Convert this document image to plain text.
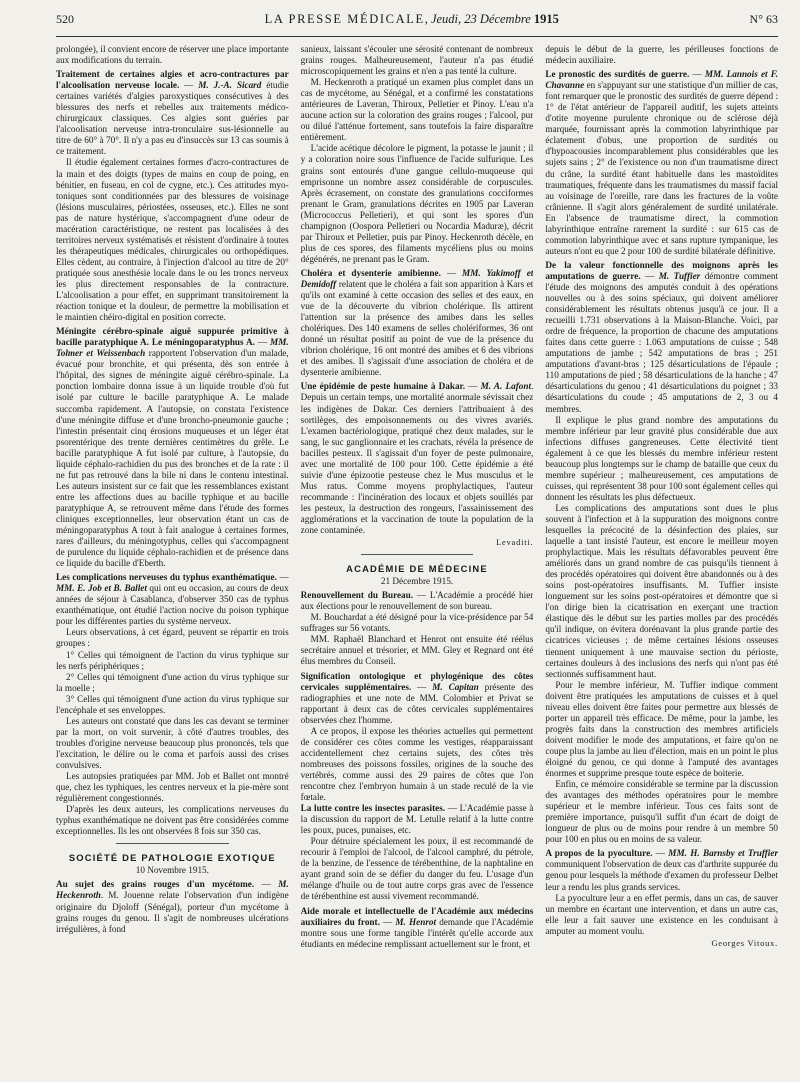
520	LA PRESSE MÉDICALE, Jeudi, 23 Décembre 1915	N° 63

prolongée), il convient encore de réserver une place importante aux modifications du terrain.

Traitement de certaines algies et acro-contractures par l'alcoolisation nerveuse locale. — M. J.-A. Sicard étudie certaines variétés d'algies paroxystiques consécutives à des blessures des nerfs et rebelles aux traitements médico-chirurgicaux classiques. Ces algies sont guéries par l'alcoolisation nerveuse intra-tronculaire sus-lésionnelle au titre de 60° à 70°. Il n'y a pas eu d'insuccès sur 13 cas soumis à ce traitement.

Il étudie également certaines formes d'acro-contractures de la main et des doigts (types de mains en coup de poing, en bénitier, en fuseau, en col de cygne, etc.). Ces attitudes myo-toniques sont conditionnées par des blessures de voisinage (lésions musculaires, périostées, osseuses, etc.). Elles ne sont pas de nature hystérique, s'accompagnent d'une odeur de macération caractéristique, ne restent pas localisées à des territoires nerveux systématisés et résistent d'ordinaire à toutes les thérapeutiques médicales, chirurgicales ou orthopédiques. Elles cèdent, au contraire, à l'injection d'alcool au titre de 20° pratiquée sous anesthésie locale dans le ou les troncs nerveux les plus directement responsables de la contracture. L'alcoolisation a pour effet, en supprimant transitoirement la réaction tonique et la douleur, de permettre la mobilisation et le maintien chéiro-digital en position correcte.

Méningite cérébro-spinale aiguë suppurée primitive à bacille paratyphique A. Le méningoparatyphus A. — MM. Tolmer et Weissenbach rapportent l'observation d'un malade, évacué pour bronchite, et qui présenta, dès son entrée à l'hôpital, des signes de méningite aiguë cérébro-spinale. La ponction lombaire donna issue à un liquide trouble d'où fut isolé par culture le bacille paratyphique A. Le malade succomba rapidement. A l'autopsie, on constata l'existence d'une méningite diffuse et d'une broncho-pneumonie gauche ; l'intestin présentait cinq érosions muqueuses et un léger état psorentérique des trente dernières centimètres du grêle. Le bacille paratyphique A fut isolé par culture, à l'autopsie, du liquide céphalo-rachidien du pus des bronches et de la rate : il ne fut pas retrouvé dans la bile ni dans le contenu intestinal. Les auteurs insistent sur ce fait que les ressemblances existant entre les affections dues au bacille typhique et au bacille paratyphique A, se retrouvent même dans l'étude des formes cliniques exceptionnelles, leur observation étant un cas de méningoparatyphus A tout à fait analogue à certaines formes, rares d'ailleurs, du méningotyphus, celles qui s'accompagnent de purulence du liquide céphalo-rachidien et de présence dans ce liquide du bacille d'Eberth.

Les complications nerveuses du typhus exanthématique. — MM. E. Job et B. Ballet qui ont eu occasion, au cours de deux années de séjour à Casablanca, d'observer 350 cas de typhus exanthématique, ont étudié l'action nocive du poison typhique pour les différentes parties du système nerveux.

Leurs observations, à cet égard, peuvent se répartir en trois groupes :

1° Celles qui témoignent de l'action du virus typhique sur les nerfs périphériques ;

2° Celles qui témoignent d'une action du virus typhique sur la moelle ;

3° Celles qui témoignent d'une action du virus typhique sur l'encéphale et ses enveloppes.

Les auteurs ont constaté que dans les cas devant se terminer par la mort, on voit survenir, à côté d'autres troubles, des troubles d'origine nerveuse beaucoup plus prononcés, tels que l'excitation, le délire ou le coma et parfois aussi des crises convulsives.

Les autopsies pratiquées par MM. Job et Ballet ont montré que, chez les typhiques, les centres nerveux et la pie-mère sont régulièrement congestionnés.

D'après les deux auteurs, les complications nerveuses du typhus exanthématique ne doivent pas être considérées comme exceptionnelles. Ils les ont observées 8 fois sur 350 cas.

SOCIÉTÉ DE PATHOLOGIE EXOTIQUE
10 Novembre 1915.

Au sujet des grains rouges d'un mycétome. — M. Heckenroth. M. Jouenne relate l'observation d'un indigène originaire du Djoloff (Sénégal), porteur d'un mycétome à grains rouges du genou. Il s'agit de nombreuses ulcérations irrégulières, à fond

sanieux, laissant s'écouler une sérosité contenant de nombreux grains rouges. Malheureusement, l'auteur n'a pas étudié microscopiquement les grains et n'en a pas tenté la culture.

M. Heckenroth a pratiqué un examen plus complet dans un cas de mycétome, au Sénégal, et a confirmé les constatations antérieures de Laveran, Thiroux, Pelletier et Pinoy. L'eau n'a aucune action sur la coloration des grains rouges ; l'alcool, pur ou dilué l'atténue fortement, sans toutefois la faire disparaître entièrement.

L'acide acétique décolore le pigment, la potasse le jaunit ; il y a coloration noire sous l'influence de l'acide sulfurique. Les grains sont entourés d'une gangue cellulo-muqueuse qui emprisonne un nombre assez considérable de corpuscules. Après écrasement, on constate des granulations cocciformes prenant le Gram, granulations décrites en 1905 par Laveran (Micrococcus Pelletieri), et qui sont les spores d'un champignon (Oospora Pelletieri ou Nocardia Maduræ), décrit par Thiroux et Pelletier, puis par Pinoy. Heckenroth décèle, en plus de ces spores, des filaments mycéliens plus ou moins dégénérés, ne prenant pas le Gram.

Choléra et dysenterie amibienne. — MM. Yakimoff et Demidoff relatent que le choléra a fait son apparition à Kars et qu'ils ont examiné à cette occasion des selles et des eaux, en vue de la découverte du vibrion cholérique. Ils attirent l'attention sur la présence des amibes dans les selles cholériques. Des 140 examens de selles cholériformes, 36 ont donné un résultat positif au point de vue de la présence du vibrion cholérique, 16 ont montré des amibes et 6 des vibrions et des amibes. Il s'agissait d'une association de choléra et de dysenterie amibienne.

Une épidémie de peste humaine à Dakar. — M. A. Lafont. Depuis un certain temps, une mortalité anormale sévissait chez les indigènes de Dakar. Ces derniers l'attribuaient à des sortilèges, des empoisonnements ou des vivres avariés. L'examen bactériologique, pratiqué chez deux malades, sur le sang, le suc ganglionnaire et les crachats, révéla la présence de bacilles pesteux. Il s'agissait d'un foyer de peste pulmonaire, avec une mortalité de 100 pour 100. Cette épidémie a été suivie d'une épizootie pesteuse chez le Mus musculus et le Mus ratus. Comme moyens prophylactiques, l'auteur recommande : l'incinération des locaux et objets souillés par les pesteux, la destruction des rongeurs, l'assainissement des agglomérations et la vaccination de toute la population de la zone contaminée.

Levaditi.

ACADÉMIE DE MÉDECINE
21 Décembre 1915.

Renouvellement du Bureau. — L'Académie a procédé hier aux élections pour le renouvellement de son bureau.

M. Bouchardat a été désigné pour la vice-présidence par 54 suffrages sur 56 votants.

MM. Raphaël Blanchard et Henrot ont ensuite été réélus secrétaire annuel et trésorier, et MM. Gley et Regnard ont été élus membres du Conseil.

Signification ontologique et phylogénique des côtes cervicales supplémentaires. — M. Capitan présente des radiographies et une note de MM. Colombier et Privat se rapportant à deux cas de côtes cervicales supplémentaires observées chez l'homme.

A ce propos, il expose les théories actuelles qui permettent de considérer ces côtes comme les vestiges, réapparaissant accidentellement chez certains sujets, des côtes très nombreuses des poissons fossiles, origines de la souche des vertébrés, comme aussi des 29 paires de côtes que l'on rencontre chez l'embryon humain à un stade reculé de la vie fœtale.

La lutte contre les insectes parasites. — L'Académie passe à la discussion du rapport de M. Letulle relatif à la lutte contre les poux, puces, punaises, etc.

Pour détruire spécialement les poux, il est recommandé de recourir à l'emploi de l'alcool, de l'alcool camphré, du pétrole, de la benzine, de l'essence de térébenthine, de la naphtaline en ayant grand soin de se défier du danger du feu. L'usage d'un mélange d'huile ou de tout autre corps gras avec de l'essence de térébenthine est aussi vivement recommandé.

Aide morale et intellectuelle de l'Académie aux médecins auxiliaires du front. — M. Henrot demande que l'Académie montre sous une forme tangible l'intérêt qu'elle accorde aux étudiants en médecine remplissant actuellement sur le front, et

depuis le début de la guerre, les périlleuses fonctions de médecin auxiliaire.

Le pronostic des surdités de guerre. — MM. Lannois et F. Chavanne en s'appuyant sur une statistique d'un millier de cas, font remarquer que le pronostic des surdités de guerre dépend : 1° de l'état antérieur de l'appareil auditif, les sujets atteints d'otite moyenne purulente chronique ou de sclérose déjà marquée, fournissant après la commotion labyrinthique par éclatement d'obus, une proportion de surdités ou d'hypoacousies incomparablement plus considérables que les sujets sains ; 2° de l'existence ou non d'un traumatisme direct du crâne, la surdité étant habituelle dans les mastoïdites traumatiques, fréquente dans les traumatismes du massif facial au voisinage de l'oreille, rare dans les fractures de la voûte crânienne. Il s'agit alors généralement de surdité unilatérale. En l'absence de traumatisme direct, la commotion labyrinthique entraîne rarement la surdité : sur 615 cas de commotion labyrinthique avec et sans rupture tympanique, les auteurs n'ont eu que 2 pour 100 de surdité bilatérale définitive.

De la valeur fonctionnelle des moignons après les amputations de guerre. — M. Tuffier démontre comment l'étude des moignons des amputés conduit à des opérations nouvelles ou à des soins spéciaux, qui doivent améliorer considérablement les résultats obtenus jusqu'à ce jour. Il a recueilli 1.731 observations à la Maison-Blanche. Voici, par ordre de fréquence, la proportion de chacune des amputations faites dans cette guerre : 1.063 amputations de cuisse ; 548 amputations de jambe ; 542 amputations de bras ; 251 amputations d'avant-bras ; 125 désarticulations de l'épaule ; 110 amputations de pied ; 58 désarticulations de la hanche ; 47 désarticulations du genou ; 41 désarticulations du poignet ; 33 désarticulations du coude ; 45 amputations de 2, 3 ou 4 membres.

Il explique le plus grand nombre des amputations du membre inférieur par leur gravité plus considérable due aux infections diffuses gangreneuses. Cette électivité tient également à ce que les blessés du membre inférieur restent beaucoup plus longtemps sur le champ de bataille que ceux du membre supérieur ; malheureusement, ces amputations de cuisses, qui représentent 38 pour 100 sont également celles qui donnent les résultats les plus défectueux.

Les complications des amputations sont dues le plus souvent à l'infection et à la suppuration des moignons contre lesquelles la précocité de la désinfection des plaies, sur laquelle a tant insisté l'auteur, est encore le meilleur moyen prophylactique. Mais les résultats défavorables peuvent être améliorés dans un grand nombre de cas puisqu'ils tiennent à des procédés opératoires qui doivent être abandonnés ou à des soins post-opératoires insuffisants. M. Tuffier insiste longuement sur les soins post-opératoires et démontre que si l'on dirige bien la cicatrisation en exerçant une traction élastique dès le début sur les parties molles par des procédés qu'il indique, on évitera dorénavant la plus grande partie des cicatrices vicieuses ; de même certaines lésions osseuses tiennent uniquement à une mauvaise section du périoste, certaines douleurs à des inclusions des nerfs qui n'ont pas été sectionnés suffisamment haut.

Pour le membre inférieur, M. Tuffier indique comment doivent être pratiquées les amputations de cuisses et à quel niveau elles doivent être faites pour permettre aux blessés de porter un appareil très efficace. De même, pour la jambe, les progrès faits dans la construction des membres artificiels doivent modifier le mode des amputations, et faire qu'on ne coupe plus la jambe au lieu d'élection, mais en un point le plus éloigné du genou, ce qui donne à l'amputé des avantages énormes et supprime presque toute espèce de boiterie.

Enfin, ce mémoire considérable se termine par la discussion des avantages des méthodes opératoires pour le membre supérieur et le membre inférieur. Tous ces faits sont de première importance, puisqu'il suffit d'un écart de doigt de longueur de plus ou de moins pour rendre à un membre 50 pour 100 en plus ou en moins de sa valeur.

A propos de la pyoculture. — MM. H. Barnsby et Truffier communiquent l'observation de deux cas d'arthrite suppurée du genou pour lesquels la méthode d'examen du professeur Delbet leur a rendu les plus grands services.

La pyoculture leur a en effet permis, dans un cas, de sauver un membre en écartant une intervention, et dans un autre cas, elle leur a fait sauver une existence en les conduisant à amputer au moment voulu.

Georges Vitoux.
